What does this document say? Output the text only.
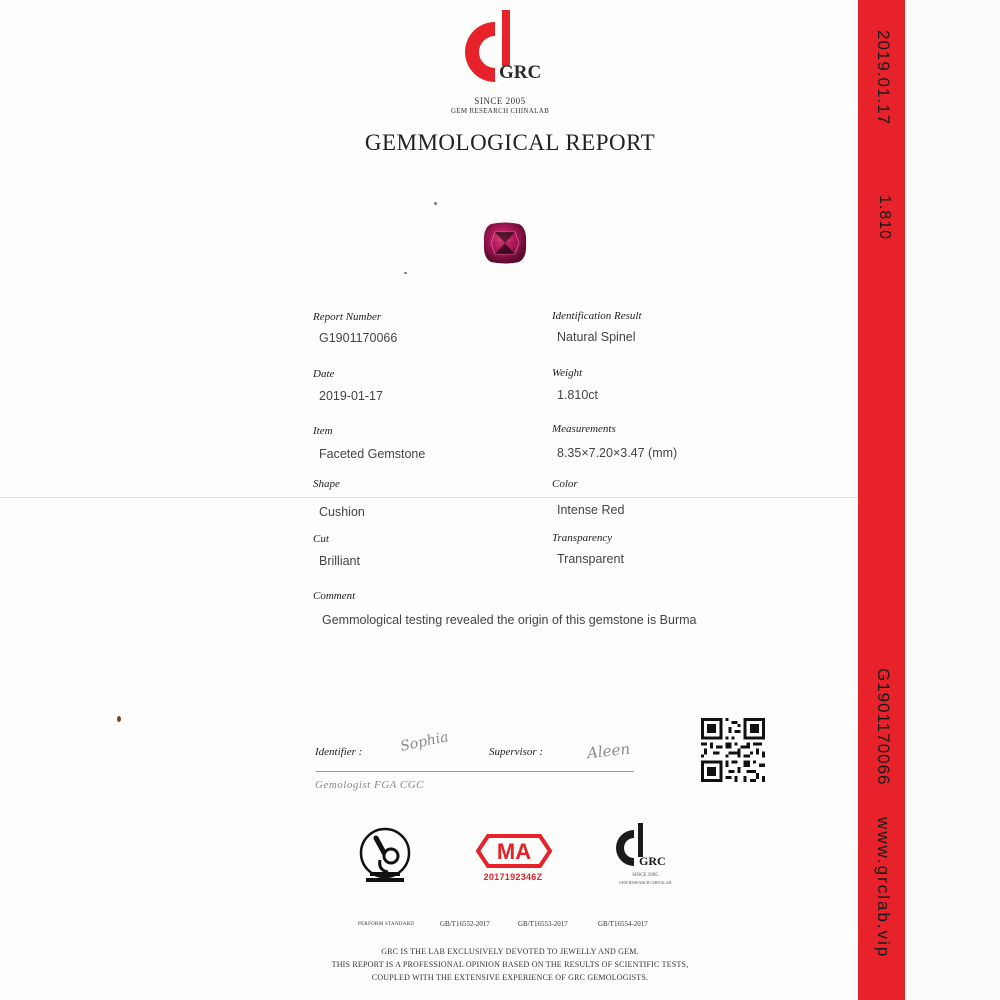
2019.01.17
1.810
G1901170066
www.grclab.vip
GRC
SINCE 2005
GEM RESEARCH CHINALAB
GEMMOLOGICAL REPORT
Report Number
G1901170066
Date
2019-01-17
Item
Faceted Gemstone
Shape
Cushion
Cut
Brilliant
Identification Result
Natural Spinel
Weight
1.810ct
Measurements
8.35×7.20×3.47 (mm)
Color
Intense Red
Transparency
Transparent
Comment
Gemmological testing revealed the origin of this gemstone is Burma
Identifier :	Sophia	Supervisor :	Aleen
Gemologist FGA CGC
MA
2017192346Z
GRC
SINCE 2005
GEM RESEARCH CHINALAB
PERFORM STANDARD	GB/T16552-2017	GB/T16553-2017	GB/T16554-2017
GRC IS THE LAB EXCLUSIVELY DEVOTED TO JEWELLY AND GEM.
THIS REPORT IS A PROFESSIONAL OPINION BASED ON THE RESULTS OF SCIENTIFIC TESTS,
COUPLED WITH THE EXTENSIVE EXPERIENCE OF GRC GEMOLOGISTS.
